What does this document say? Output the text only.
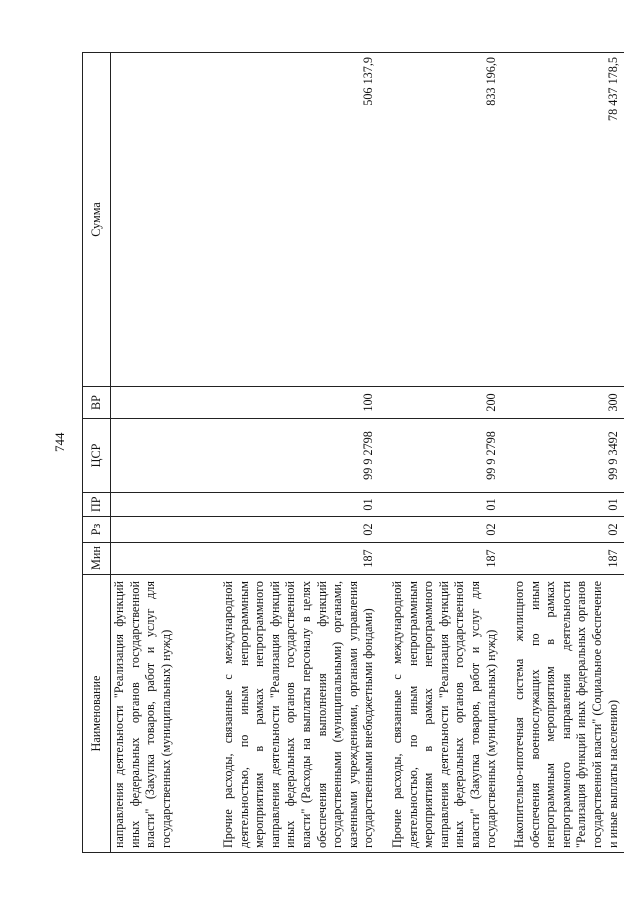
744
Наименование	Мин	Рз	ПР	ЦСР	ВР	Сумма
направления деятельности "Реализация функций иных федеральных органов государственной власти" (Закупка товаров, работ и услуг для государственных (муниципальных) нужд)						
Прочие расходы, связанные с международной деятельностью, по иным непрограммным мероприятиям в рамках непрограммного направления деятельности "Реализация функций иных федеральных органов государственной власти" (Расходы на выплаты персоналу в целях обеспечения выполнения функций государственными (муниципальными) органами, казенными учреждениями, органами управления государственными внебюджетными фондами)	187	02	01	99 9 2798	100	506 137,9
Прочие расходы, связанные с международной деятельностью, по иным непрограммным мероприятиям в рамках непрограммного направления деятельности "Реализация функций иных федеральных органов государственной власти" (Закупка товаров, работ и услуг для государственных (муниципальных) нужд)	187	02	01	99 9 2798	200	833 196,0
Накопительно-ипотечная система жилищного обеспечения военнослужащих по иным непрограммным мероприятиям в рамках непрограммного направления деятельности "Реализация функций иных федеральных органов государственной власти" (Социальное обеспечение и иные выплаты населению)	187	02	01	99 9 3492	300	78 437 178,5
